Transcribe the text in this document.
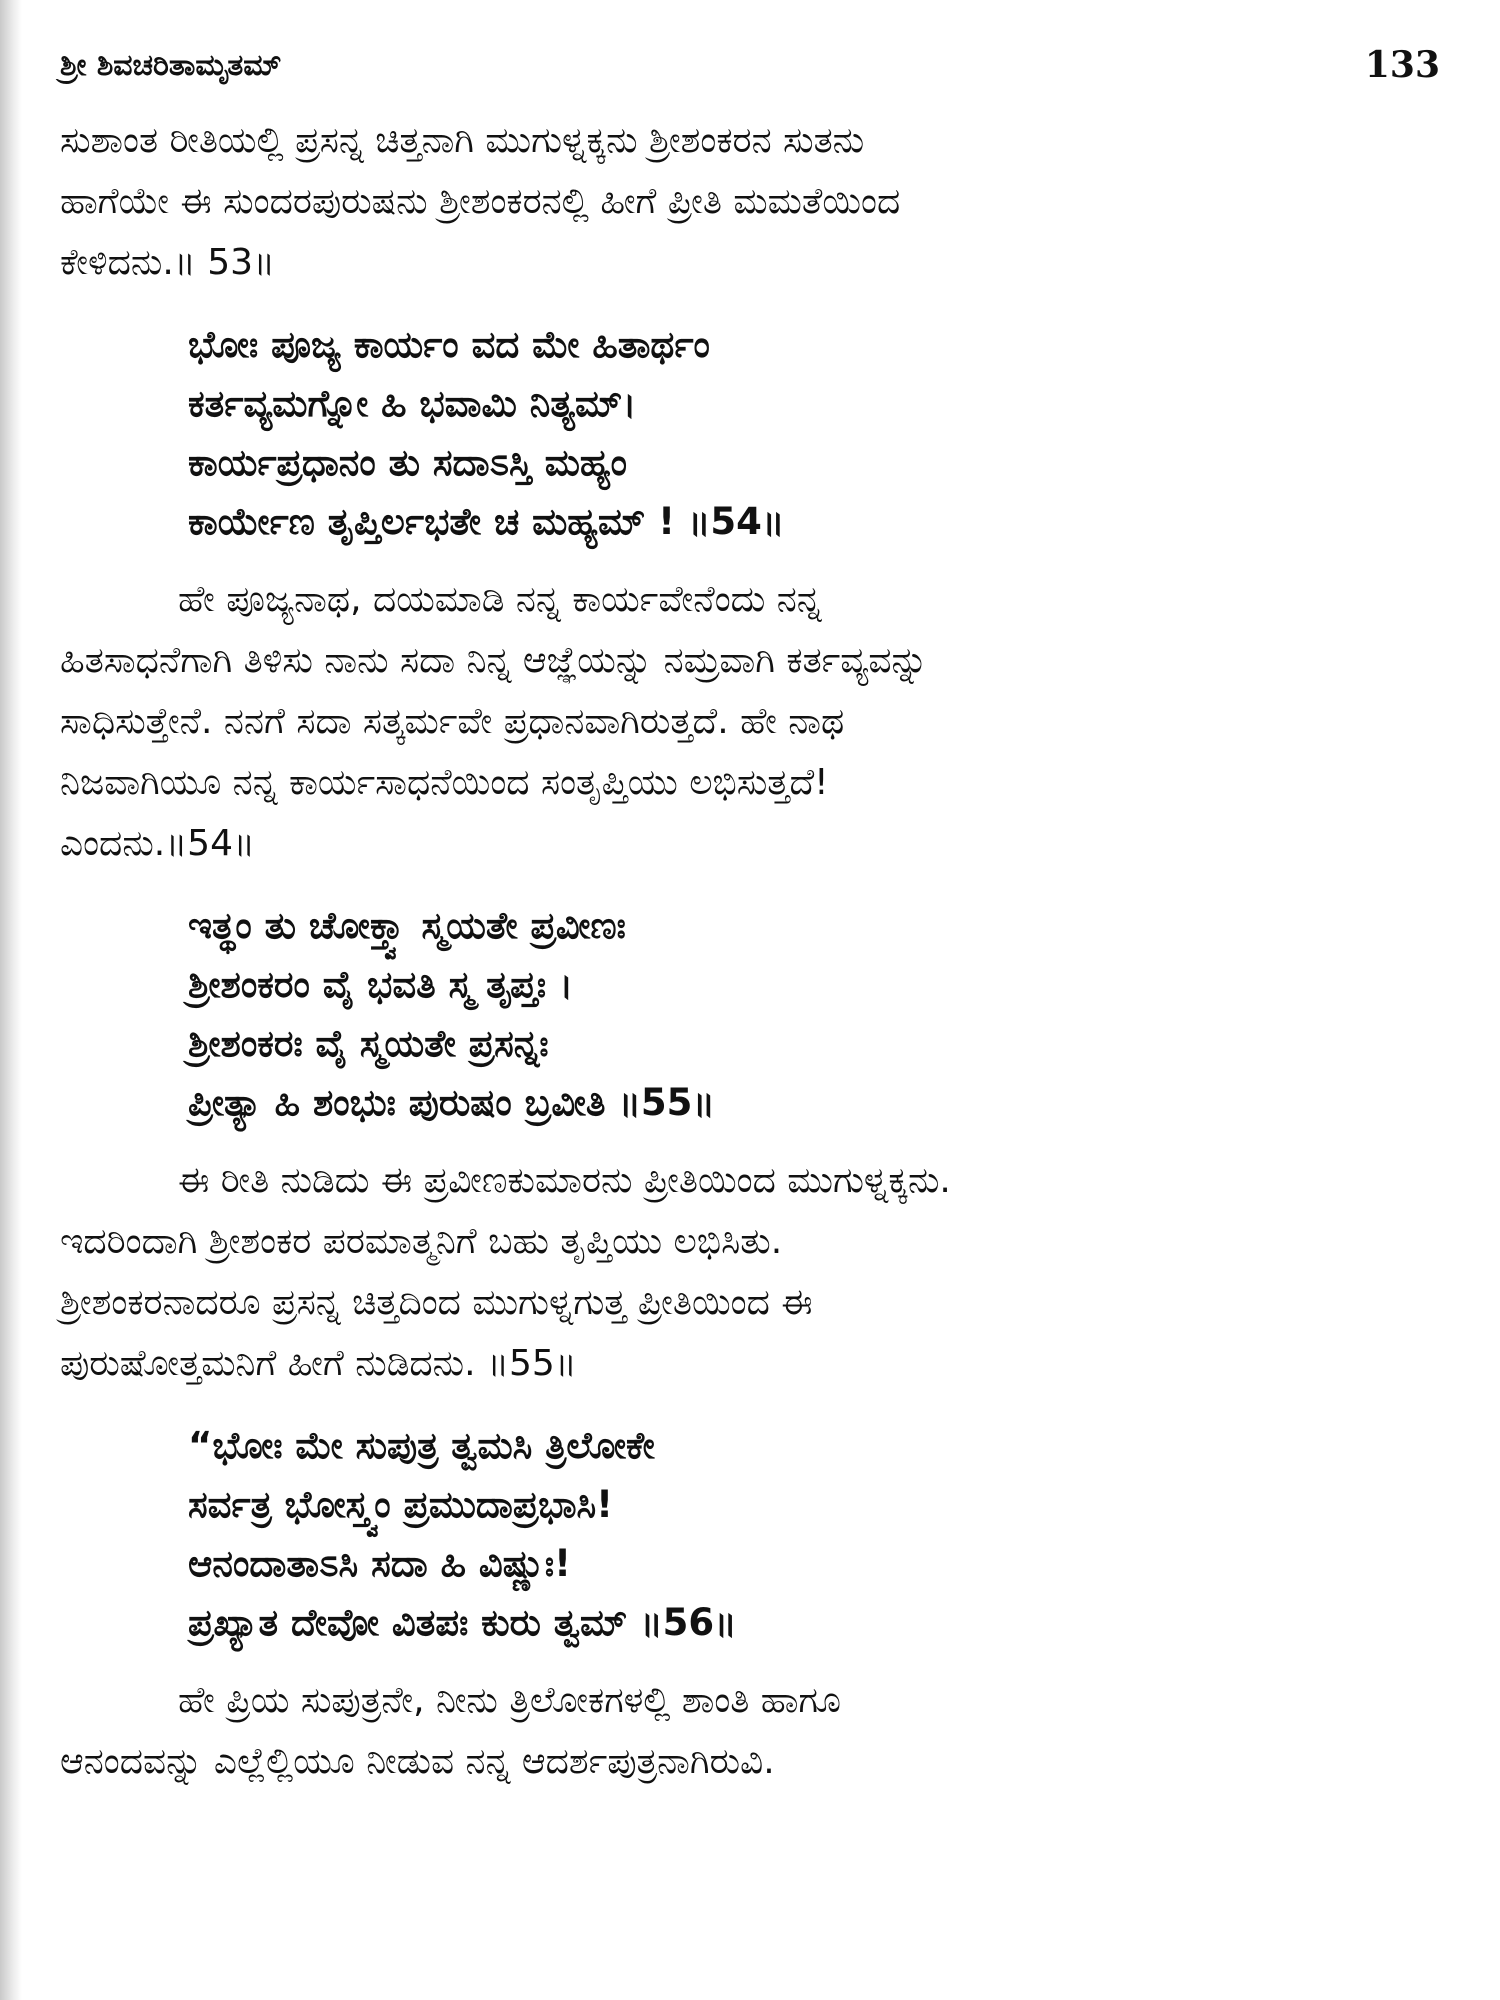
ಶ್ರೀ ಶಿವಚರಿತಾಮೃತಮ್	133
ಸುಶಾಂತ ರೀತಿಯಲ್ಲಿ ಪ್ರಸನ್ನ ಚಿತ್ತನಾಗಿ ಮುಗುಳ್ನಕ್ಕನು ಶ್ರೀಶಂಕರನ ಸುತನು
ಹಾಗೆಯೇ ಈ ಸುಂದರಪುರುಷನು ಶ್ರೀಶಂಕರನಲ್ಲಿ ಹೀಗೆ ಪ್ರೀತಿ ಮಮತೆಯಿಂದ
ಕೇಳಿದನು.॥ 53॥
ಭೋಃ ಪೂಜ್ಯ ಕಾರ್ಯಂ ವದ ಮೇ ಹಿತಾರ್ಥಂ
ಕರ್ತವ್ಯಮಗ್ನೋ ಹಿ ಭವಾಮಿ ನಿತ್ಯಮ್।
ಕಾರ್ಯಪ್ರಧಾನಂ ತು ಸದಾಽಸ್ತಿ ಮಹ್ಯಂ
ಕಾರ್ಯೇಣ ತೃಪ್ತಿರ್ಲಭತೇ ಚ ಮಹ್ಯಮ್ ! ॥54॥
ಹೇ ಪೂಜ್ಯನಾಥ, ದಯಮಾಡಿ ನನ್ನ ಕಾರ್ಯವೇನೆಂದು ನನ್ನ
ಹಿತಸಾಧನೆಗಾಗಿ ತಿಳಿಸು ನಾನು ಸದಾ ನಿನ್ನ ಆಜ್ಞೆಯನ್ನು ನಮ್ರವಾಗಿ ಕರ್ತವ್ಯವನ್ನು
ಸಾಧಿಸುತ್ತೇನೆ. ನನಗೆ ಸದಾ ಸತ್ಕರ್ಮವೇ ಪ್ರಧಾನವಾಗಿರುತ್ತದೆ. ಹೇ ನಾಥ
ನಿಜವಾಗಿಯೂ ನನ್ನ ಕಾರ್ಯಸಾಧನೆಯಿಂದ ಸಂತೃಪ್ತಿಯು ಲಭಿಸುತ್ತದೆ!
ಎಂದನು.॥54॥
ಇತ್ಥಂ ತು ಚೋಕ್ತ್ವಾ ಸ್ಮಯತೇ ಪ್ರವೀಣಃ
ಶ್ರೀಶಂಕರಂ ವೈ ಭವತಿ ಸ್ಮ ತೃಪ್ತಃ ।
ಶ್ರೀಶಂಕರಃ ವೈ ಸ್ಮಯತೇ ಪ್ರಸನ್ನಃ
ಪ್ರೀತ್ಯಾ ಹಿ ಶಂಭುಃ ಪುರುಷಂ ಬ್ರವೀತಿ ॥55॥
ಈ ರೀತಿ ನುಡಿದು ಈ ಪ್ರವೀಣಕುಮಾರನು ಪ್ರೀತಿಯಿಂದ ಮುಗುಳ್ನಕ್ಕನು.
ಇದರಿಂದಾಗಿ ಶ್ರೀಶಂಕರ ಪರಮಾತ್ಮನಿಗೆ ಬಹು ತೃಪ್ತಿಯು ಲಭಿಸಿತು.
ಶ್ರೀಶಂಕರನಾದರೂ ಪ್ರಸನ್ನ ಚಿತ್ತದಿಂದ ಮುಗುಳ್ನಗುತ್ತ ಪ್ರೀತಿಯಿಂದ ಈ
ಪುರುಷೋತ್ತಮನಿಗೆ ಹೀಗೆ ನುಡಿದನು. ॥55॥
“ಭೋಃ ಮೇ ಸುಪುತ್ರ ತ್ವಮಸಿ ತ್ರಿಲೋಕೇ
ಸರ್ವತ್ರ ಭೋಸ್ತ್ವಂ ಪ್ರಮುದಾಪ್ರಭಾಸಿ!
ಆನಂದಾತಾಽಸಿ ಸದಾ ಹಿ ವಿಷ್ಣುಃ!
ಪ್ರಖ್ಯಾತ ದೇವೋ ವಿತಪಃ ಕುರು ತ್ವಮ್ ॥56॥
ಹೇ ಪ್ರಿಯ ಸುಪುತ್ರನೇ, ನೀನು ತ್ರಿಲೋಕಗಳಲ್ಲಿ ಶಾಂತಿ ಹಾಗೂ
ಆನಂದವನ್ನು ಎಲ್ಲೆಲ್ಲಿಯೂ ನೀಡುವ ನನ್ನ ಆದರ್ಶಪುತ್ರನಾಗಿರುವಿ.
